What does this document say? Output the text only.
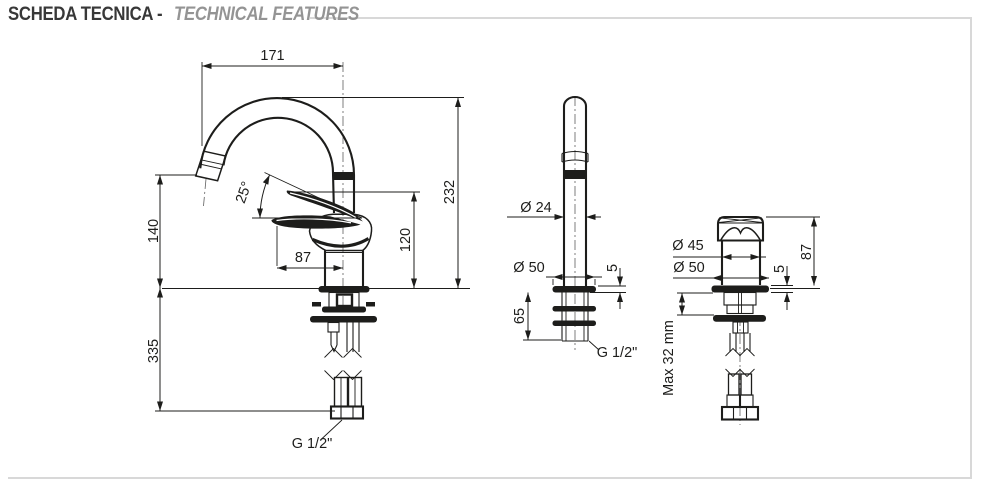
SCHEDA TECNICA - TECHNICAL FEATURES
171
140
335
87
120
232
25°
G 1/2"
Ø 24
Ø 50	5
65
G 1/2"
Ø 45
Ø 50	5
87
Max 32 mm
